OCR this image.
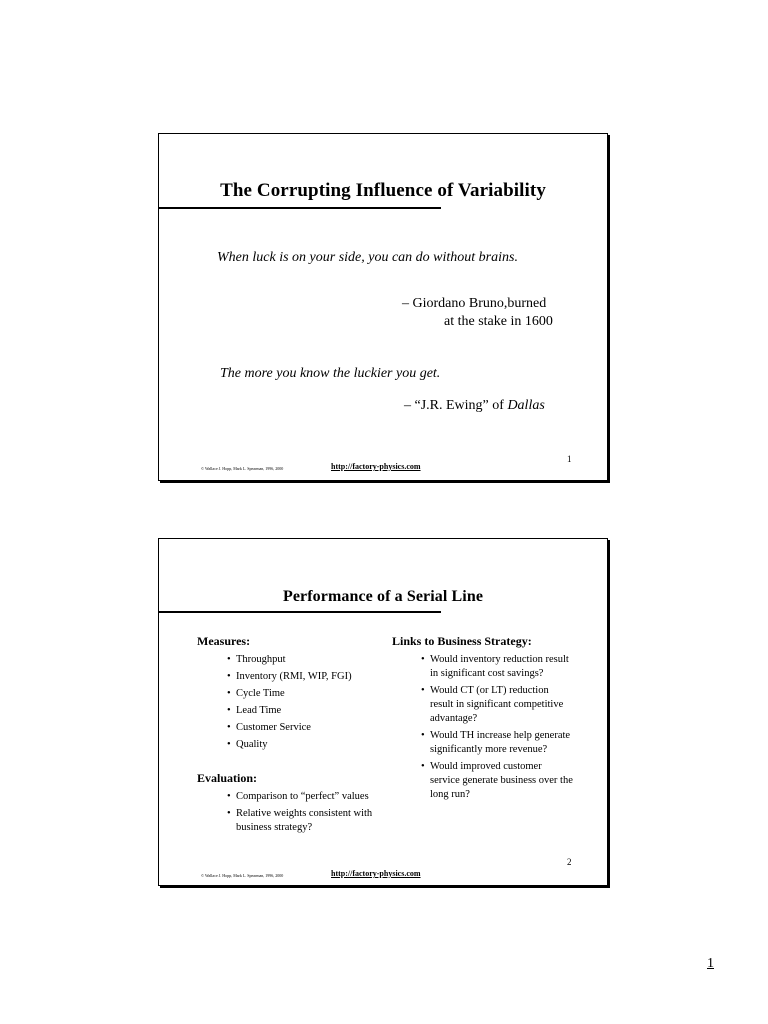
The Corrupting Influence of Variability
When luck is on your side, you can do without brains.
– Giordano Bruno,burned
at the stake in 1600
The more you know the luckier you get.
– “J.R. Ewing” of Dallas
1
© Wallace J. Hopp, Mark L. Spearman, 1996, 2000	http://factory-physics.com
Performance of a Serial Line
Measures:
• Throughput
• Inventory (RMI, WIP, FGI)
• Cycle Time
• Lead Time
• Customer Service
• Quality
Evaluation:
• Comparison to “perfect” values
• Relative weights consistent with business strategy?
Links to Business Strategy:
• Would inventory reduction result in significant cost savings?
• Would CT (or LT) reduction result in significant competitive advantage?
• Would TH increase help generate significantly more revenue?
• Would improved customer service generate business over the long run?
2
© Wallace J. Hopp, Mark L. Spearman, 1996, 2000	http://factory-physics.com
1
